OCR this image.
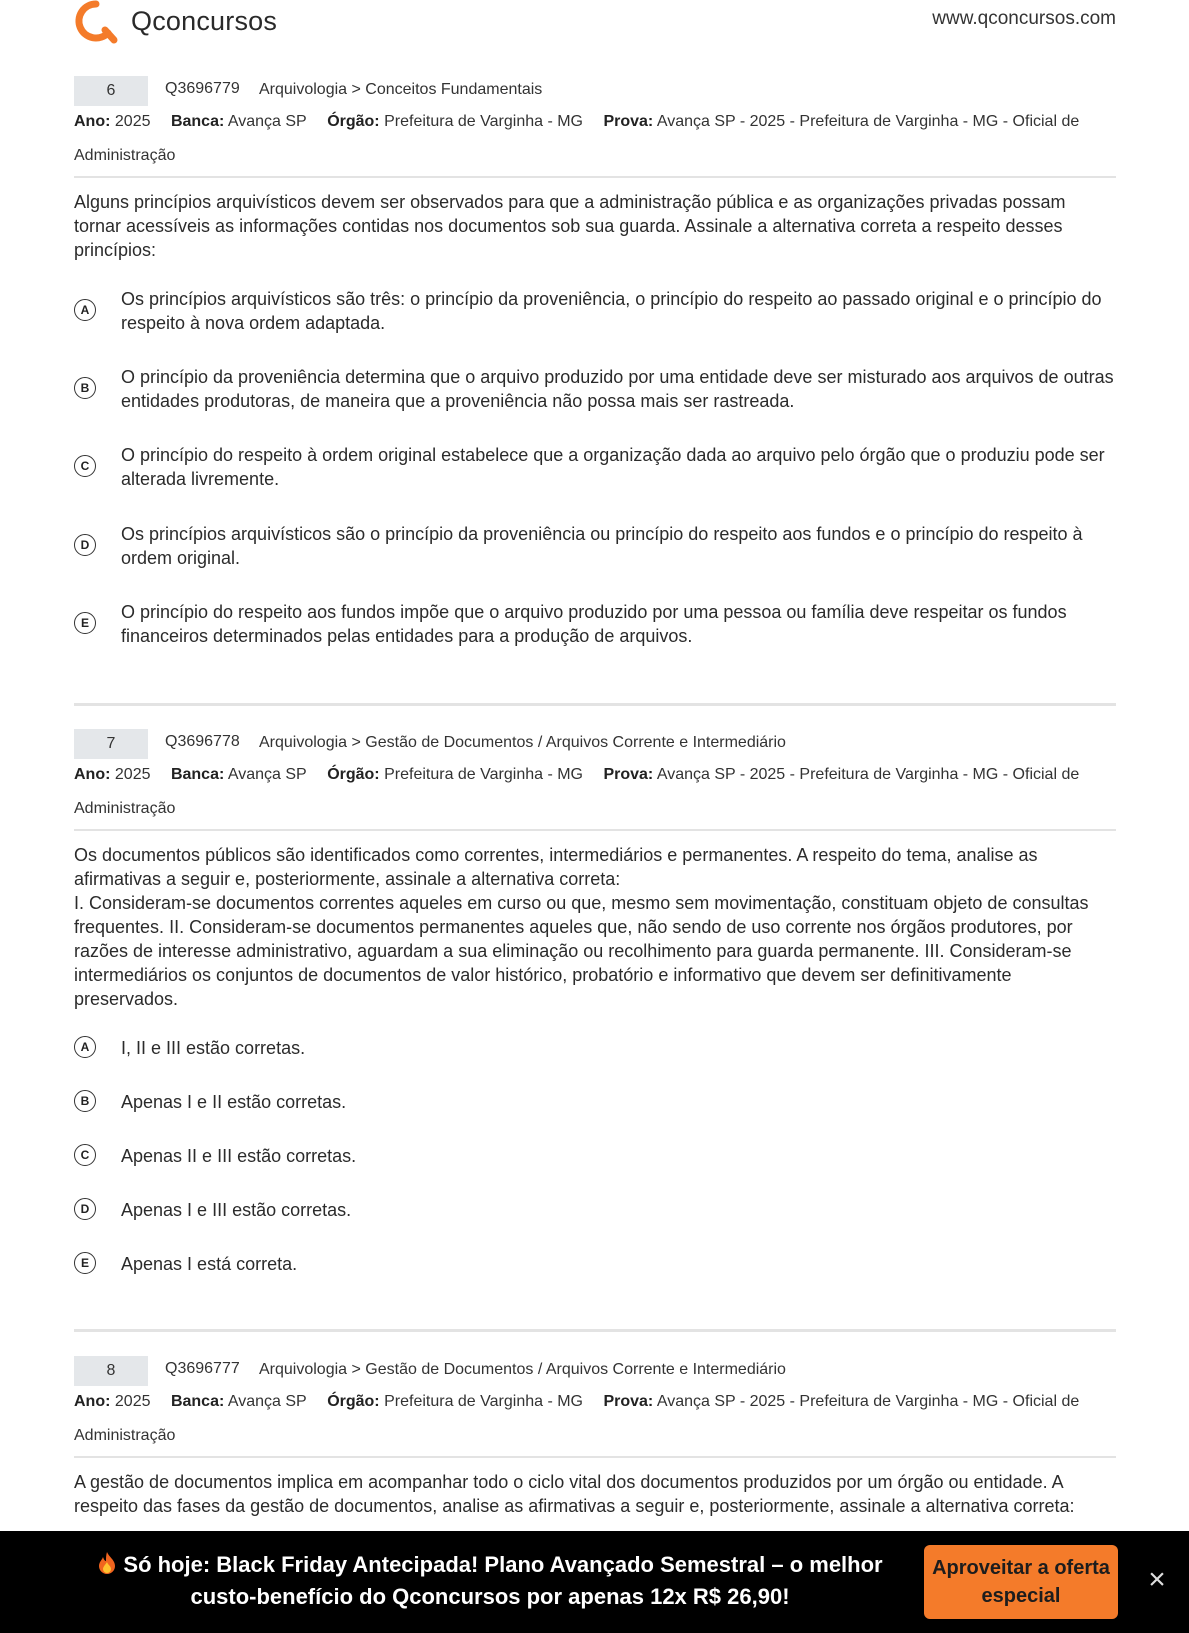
Qconcursos	www.qconcursos.com
6	Q3696779 Arquivologia > Conceitos Fundamentais
Ano: 2025 Banca: Avança SP Órgão: Prefeitura de Varginha - MG Prova: Avança SP - 2025 - Prefeitura de Varginha - MG - Oficial de Administração
Alguns princípios arquivísticos devem ser observados para que a administração pública e as organizações privadas possam tornar acessíveis as informações contidas nos documentos sob sua guarda. Assinale a alternativa correta a respeito desses princípios:
A
Os princípios arquivísticos são três: o princípio da proveniência, o princípio do respeito ao passado original e o princípio do respeito à nova ordem adaptada.
B
O princípio da proveniência determina que o arquivo produzido por uma entidade deve ser misturado aos arquivos de outras entidades produtoras, de maneira que a proveniência não possa mais ser rastreada.
C
O princípio do respeito à ordem original estabelece que a organização dada ao arquivo pelo órgão que o produziu pode ser alterada livremente.
D
Os princípios arquivísticos são o princípio da proveniência ou princípio do respeito aos fundos e o princípio do respeito à ordem original.
E
O princípio do respeito aos fundos impõe que o arquivo produzido por uma pessoa ou família deve respeitar os fundos financeiros determinados pelas entidades para a produção de arquivos.
7	Q3696778 Arquivologia > Gestão de Documentos / Arquivos Corrente e Intermediário
Ano: 2025 Banca: Avança SP Órgão: Prefeitura de Varginha - MG Prova: Avança SP - 2025 - Prefeitura de Varginha - MG - Oficial de Administração
Os documentos públicos são identificados como correntes, intermediários e permanentes. A respeito do tema, analise as afirmativas a seguir e, posteriormente, assinale a alternativa correta:
I. Consideram-se documentos correntes aqueles em curso ou que, mesmo sem movimentação, constituam objeto de consultas frequentes. II. Consideram-se documentos permanentes aqueles que, não sendo de uso corrente nos órgãos produtores, por razões de interesse administrativo, aguardam a sua eliminação ou recolhimento para guarda permanente. III. Consideram-se intermediários os conjuntos de documentos de valor histórico, probatório e informativo que devem ser definitivamente preservados.
A	I, II e III estão corretas.
B	Apenas I e II estão corretas.
C	Apenas II e III estão corretas.
D	Apenas I e III estão corretas.
E	Apenas I está correta.
8	Q3696777 Arquivologia > Gestão de Documentos / Arquivos Corrente e Intermediário
Ano: 2025 Banca: Avança SP Órgão: Prefeitura de Varginha - MG Prova: Avança SP - 2025 - Prefeitura de Varginha - MG - Oficial de Administração
A gestão de documentos implica em acompanhar todo o ciclo vital dos documentos produzidos por um órgão ou entidade. A respeito das fases da gestão de documentos, analise as afirmativas a seguir e, posteriormente, assinale a alternativa correta:
Só hoje: Black Friday Antecipada! Plano Avançado Semestral – o melhor custo-benefício do Qconcursos por apenas 12x R$ 26,90!
Aproveitar a oferta especial	×
